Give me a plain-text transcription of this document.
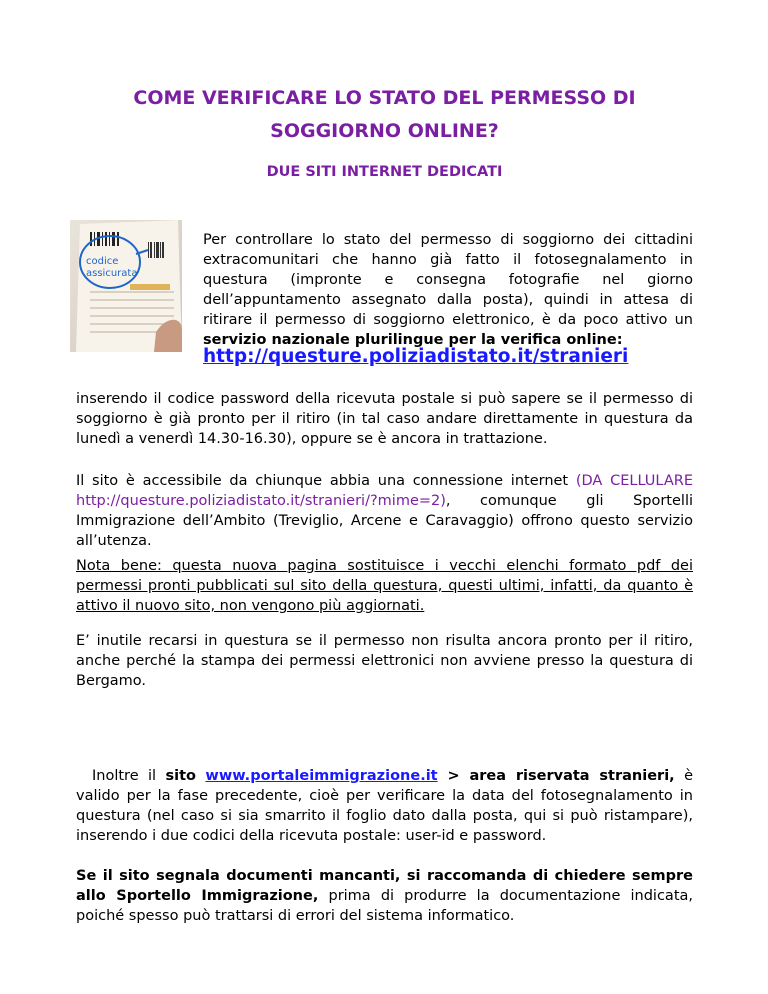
COME VERIFICARE LO STATO DEL PERMESSO DI
SOGGIORNO ONLINE?
DUE SITI INTERNET DEDICATI
codice
assicurata

Per controllare lo stato del permesso di soggiorno dei cittadini extracomunitari che hanno già fatto il fotosegnalamento in questura (impronte e consegna fotografie nel giorno dell’appuntamento assegnato dalla posta), quindi in attesa di ritirare il permesso di soggiorno elettronico, è da poco attivo un servizio nazionale plurilingue per la verifica online:

http://questure.poliziadistato.it/stranieri

inserendo il codice password della ricevuta postale si può sapere se il permesso di soggiorno è già pronto per il ritiro (in tal caso andare direttamente in questura da lunedì a venerdì 14.30-16.30), oppure se è ancora in trattazione.

Il sito è accessibile da chiunque abbia una connessione internet (DA CELLULARE http://questure.poliziadistato.it/stranieri/?mime=2), comunque gli Sportelli Immigrazione dell’Ambito (Treviglio, Arcene e Caravaggio) offrono questo servizio all’utenza.

Nota bene: questa nuova pagina sostituisce i vecchi elenchi formato pdf dei permessi pronti pubblicati sul sito della questura, questi ultimi, infatti, da quanto è attivo il nuovo sito, non vengono più aggiornati.

E’ inutile recarsi in questura se il permesso non risulta ancora pronto per il ritiro, anche perché la stampa dei permessi elettronici non avviene presso la questura di Bergamo.

Inoltre il sito www.portaleimmigrazione.it > area riservata stranieri, è valido per la fase precedente, cioè per verificare la data del fotosegnalamento in questura (nel caso si sia smarrito il foglio dato dalla posta, qui si può ristampare), inserendo i due codici della ricevuta postale: user-id e password.

Se il sito segnala documenti mancanti, si raccomanda di chiedere sempre allo Sportello Immigrazione, prima di produrre la documentazione indicata, poiché spesso può trattarsi di errori del sistema informatico.
